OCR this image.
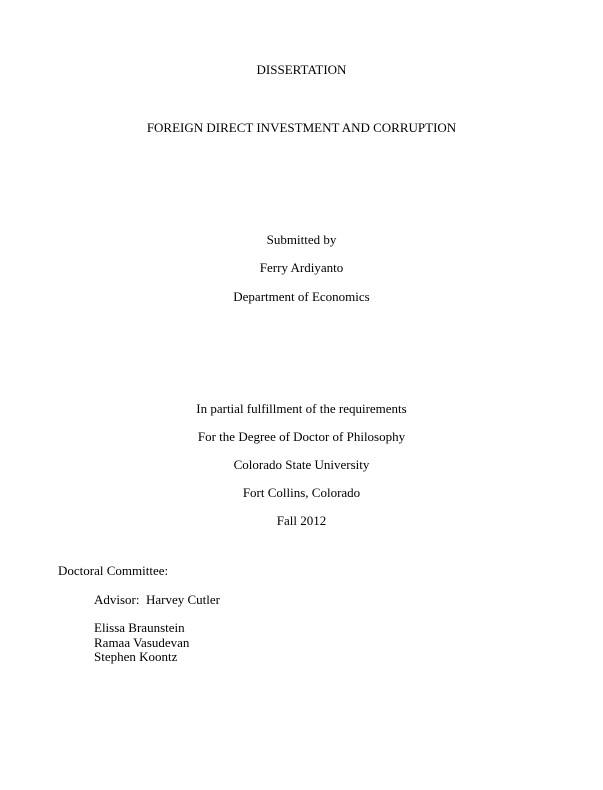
DISSERTATION
FOREIGN DIRECT INVESTMENT AND CORRUPTION
Submitted by
Ferry Ardiyanto
Department of Economics
In partial fulfillment of the requirements
For the Degree of Doctor of Philosophy
Colorado State University
Fort Collins, Colorado
Fall 2012
Doctoral Committee:
Advisor:  Harvey Cutler
Elissa Braunstein
Ramaa Vasudevan
Stephen Koontz
